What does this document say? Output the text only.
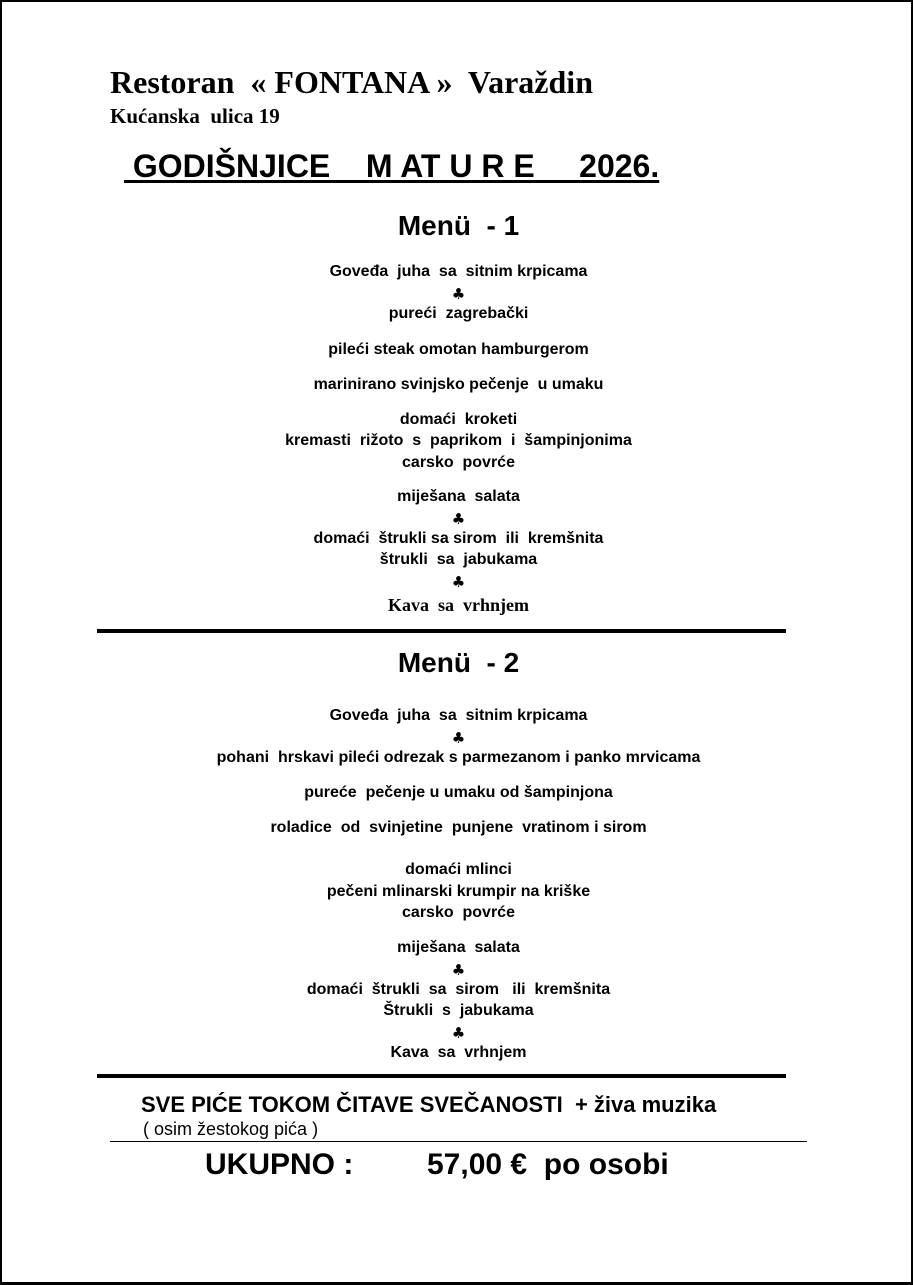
Restoran  « FONTANA »  Varaždin
Kućanska  ulica 19
GODIŠNJICE    M AT U R E     2026.
Menü  - 1
Goveđa  juha  sa  sitnim krpicama
♣
pureći  zagrebački
pileći steak omotan hamburgerom
marinirano svinjsko pečenje  u umaku
domaći  kroketi
kremasti  rižoto  s  paprikom  i  šampinjonima
carsko  povrće
miješana  salata
♣
domaći  štrukli sa sirom  ili  kremšnita
štrukli  sa  jabukama
♣
Kava  sa  vrhnjem
Menü  - 2
Goveđa  juha  sa  sitnim krpicama
♣
pohani  hrskavi pileći odrezak s parmezanom i panko mrvicama
pureće  pečenje u umaku od šampinjona
roladice  od  svinjetine  punjene  vratinom i sirom
domaći mlinci
pečeni mlinarski krumpir na kriške
carsko  povrće
miješana  salata
♣
domaći  štrukli  sa  sirom   ili  kremšnita
Štrukli  s  jabukama
♣
Kava  sa  vrhnjem
SVE PIĆE TOKOM ČITAVE SVEČANOSTI  + živa muzika
( osim žestokog pića )
UKUPNO : 57,00 €  po osobi
